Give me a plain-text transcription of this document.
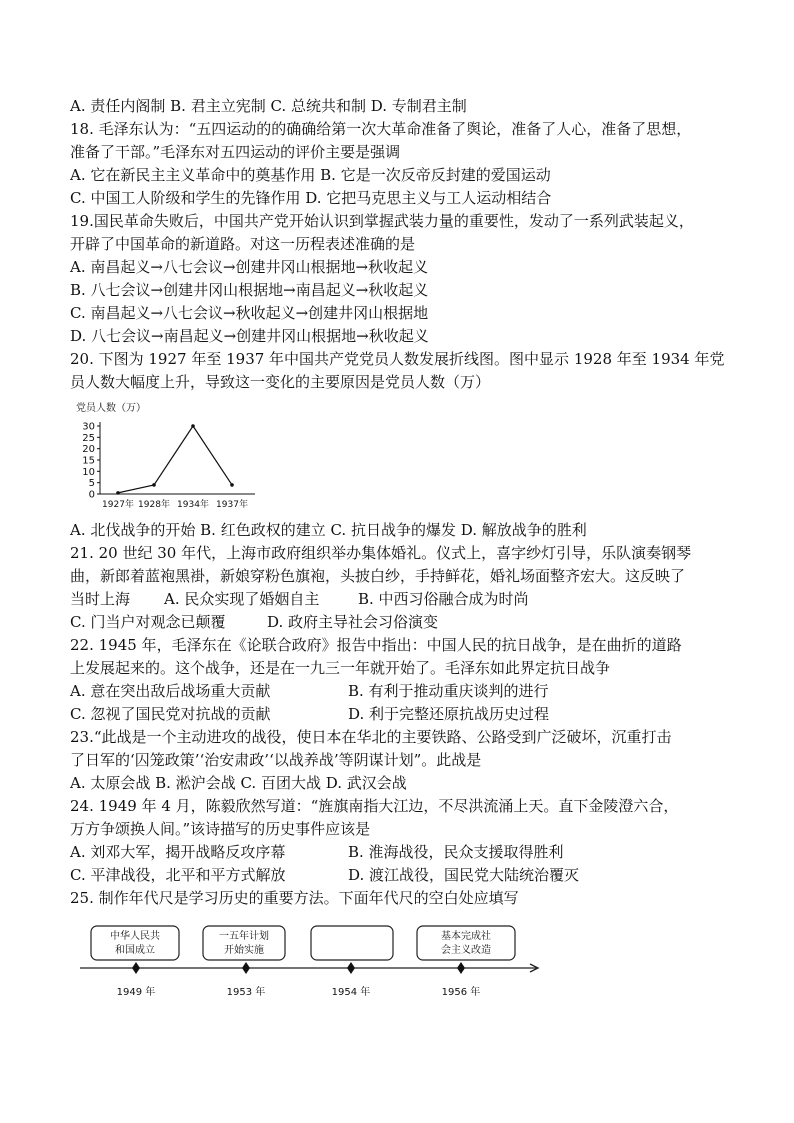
A. 责任内阁制 B. 君主立宪制 C. 总统共和制 D. 专制君主制
18. 毛泽东认为：“五四运动的的确确给第一次大革命准备了舆论，准备了人心，准备了思想，
准备了干部。”毛泽东对五四运动的评价主要是强调
A. 它在新民主主义革命中的奠基作用 B. 它是一次反帝反封建的爱国运动
C. 中国工人阶级和学生的先锋作用 D. 它把马克思主义与工人运动相结合
19.国民革命失败后，中国共产党开始认识到掌握武装力量的重要性，发动了一系列武装起义，
开辟了中国革命的新道路。对这一历程表述准确的是
A. 南昌起义→八七会议→创建井冈山根据地→秋收起义
B. 八七会议→创建井冈山根据地→南昌起义→秋收起义
C. 南昌起义→八七会议→秋收起义→创建井冈山根据地
D. 八七会议→南昌起义→创建井冈山根据地→秋收起义
20. 下图为 1927 年至 1937 年中国共产党党员人数发展折线图。图中显示 1928 年至 1934 年党
员人数大幅度上升，导致这一变化的主要原因是党员人数（万）
党员人数（万）
0
5
10
15
20
25
30
1927年 1928年 1934年 1937年
A. 北伐战争的开始 B. 红色政权的建立 C. 抗日战争的爆发 D. 解放战争的胜利
21. 20 世纪 30 年代，上海市政府组织举办集体婚礼。仪式上，喜字纱灯引导，乐队演奏钢琴
曲，新郎着蓝袍黑褂，新娘穿粉色旗袍，头披白纱，手持鲜花，婚礼场面整齐宏大。这反映了
当时上海 A. 民众实现了婚姻自主	B. 中西习俗融合成为时尚
C. 门当户对观念已颠覆	D. 政府主导社会习俗演变
22. 1945 年，毛泽东在《论联合政府》报告中指出：中国人民的抗日战争，是在曲折的道路
上发展起来的。这个战争，还是在一九三一年就开始了。毛泽东如此界定抗日战争
A. 意在突出敌后战场重大贡献	B. 有利于推动重庆谈判的进行
C. 忽视了国民党对抗战的贡献	D. 利于完整还原抗战历史过程
23.“此战是一个主动进攻的战役，使日本在华北的主要铁路、公路受到广泛破坏，沉重打击
了日军的‘囚笼政策’‘治安肃政’‘以战养战’等阴谋计划”。此战是
A. 太原会战 B. 淞沪会战 C. 百团大战 D. 武汉会战
24. 1949 年 4 月，陈毅欣然写道：“旌旗南指大江边，不尽洪流涌上天。直下金陵澄六合，
万方争颂换人间。”该诗描写的历史事件应该是
A. 刘邓大军，揭开战略反攻序幕	B. 淮海战役，民众支援取得胜利
C. 平津战役，北平和平方式解放	D. 渡江战役，国民党大陆统治覆灭
25. 制作年代尺是学习历史的重要方法。下面年代尺的空白处应填写
中华人民共
和国成立
一五年计划
开始实施
基本完成社
会主义改造
1949 年	1953 年	1954 年	1956 年
